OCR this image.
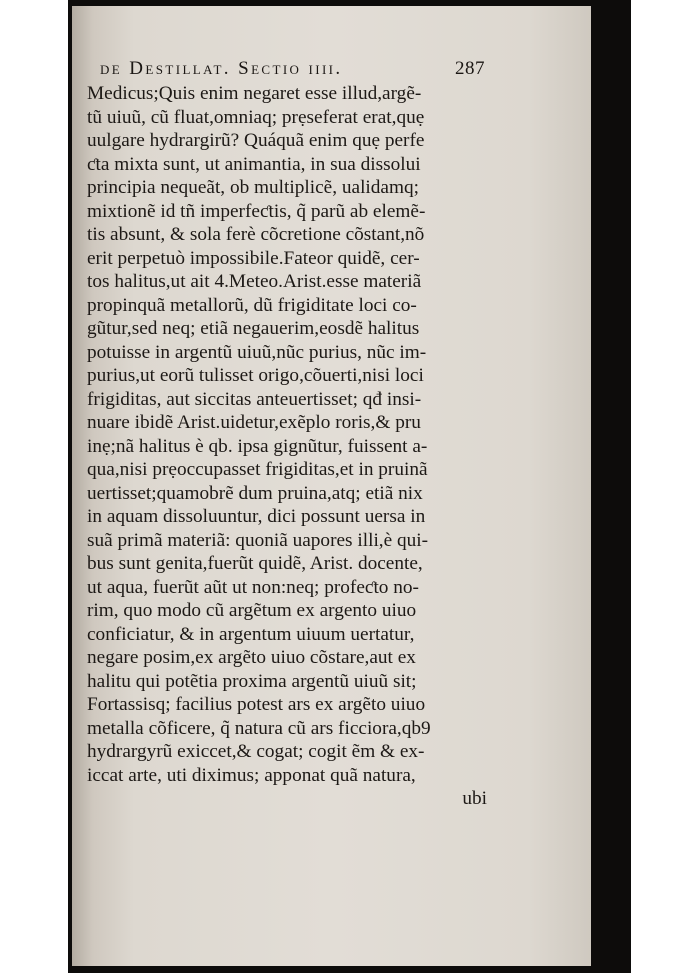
de Destillat. Sectio iiii.	287
Medicus;Quis enim negaret esse illud,argẽ-
tũ uiuũ, cũ fluat,omniaq; prẹseferat erat,quẹ
uulgare hydrargirũ? Quáquã enim quẹ perfe
ƈta mixta sunt, ut animantia, in sua dissolui
principia nequeãt, ob multiplicẽ, ualidamq;
mixtionẽ id tñ imperfeƈtis, q̃ parũ ab elemẽ-
tis absunt, & sola ferè cõcretione cõstant,nõ
erit perpetuò impossibile.Fateor quidẽ, cer-
tos halitus,ut ait 4.Meteo.Arist.esse materiã
propinquã metallorũ, dũ frigiditate loci co-
gũtur,sed neq; etiã negauerim,eosdẽ halitus
potuisse in argentũ uiuũ,nũc purius, nũc im-
purius,ut eorũ tulisset origo,cõuerti,nisi loci
frigiditas, aut siccitas anteuertisset; qđ insi-
nuare ibidẽ Arist.uidetur,exẽplo roris,& pru
inẹ;nã halitus è qb. ipsa gignũtur, fuissent a-
qua,nisi prẹoccupasset frigiditas,et in pruinã
uertisset;quamobrẽ dum pruina,atq; etiã nix
in aquam dissoluuntur, dici possunt uersa in
suã primã materiã: quoniã uapores illi,è qui-
bus sunt genita,fuerũt quidẽ, Arist. docente,
ut aqua, fuerũt aũt ut non:neq; profeƈto no-
rim, quo modo cũ argẽtum ex argento uiuo
conficiatur, & in argentum uiuum uertatur,
negare posim,ex argẽto uiuo cõstare,aut ex
halitu qui potẽtia proxima argentũ uiuũ sit;
Fortassisq; facilius potest ars ex argẽto uiuo
metalla cõficere, q̃ natura cũ ars ficciora,qb9
hydrargyrũ exiccet,& cogat; cogit ẽm & ex-
iccat arte, uti diximus; apponat quã natura,
ubi
